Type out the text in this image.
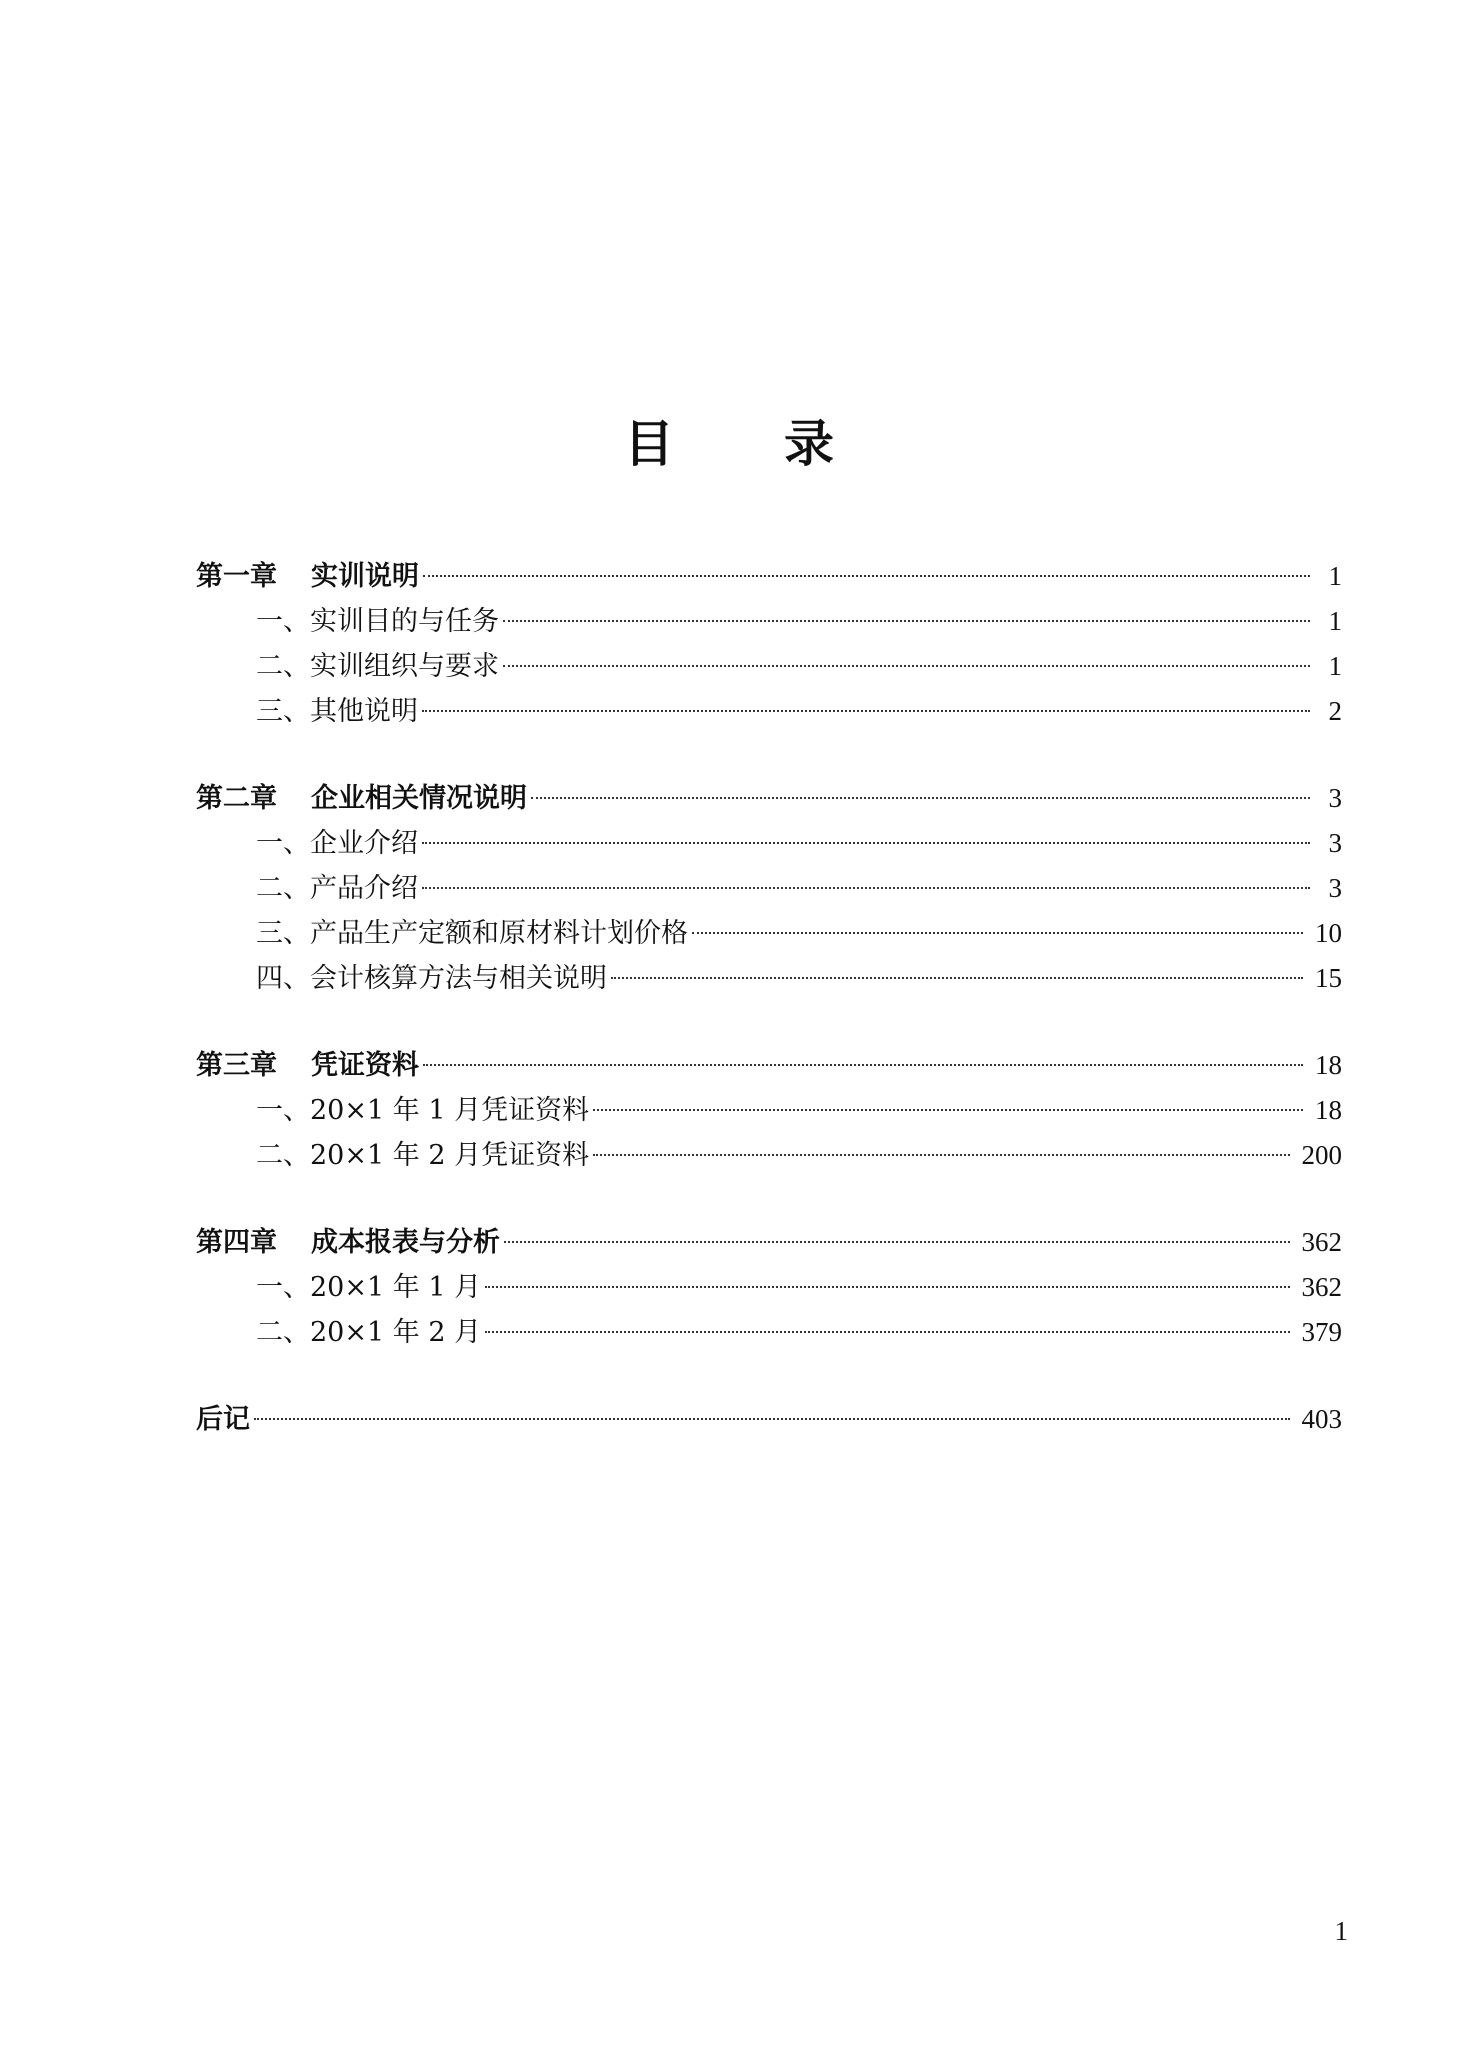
目录
第一章 实训说明	1
一、实训目的与任务	1
二、实训组织与要求	1
三、其他说明	2
第二章 企业相关情况说明	3
一、企业介绍	3
二、产品介绍	3
三、产品生产定额和原材料计划价格	10
四、会计核算方法与相关说明	15
第三章 凭证资料	18
一、20×1 年 1 月凭证资料	18
二、20×1 年 2 月凭证资料	200
第四章 成本报表与分析	362
一、20×1 年 1 月	362
二、20×1 年 2 月	379
后记	403
1
